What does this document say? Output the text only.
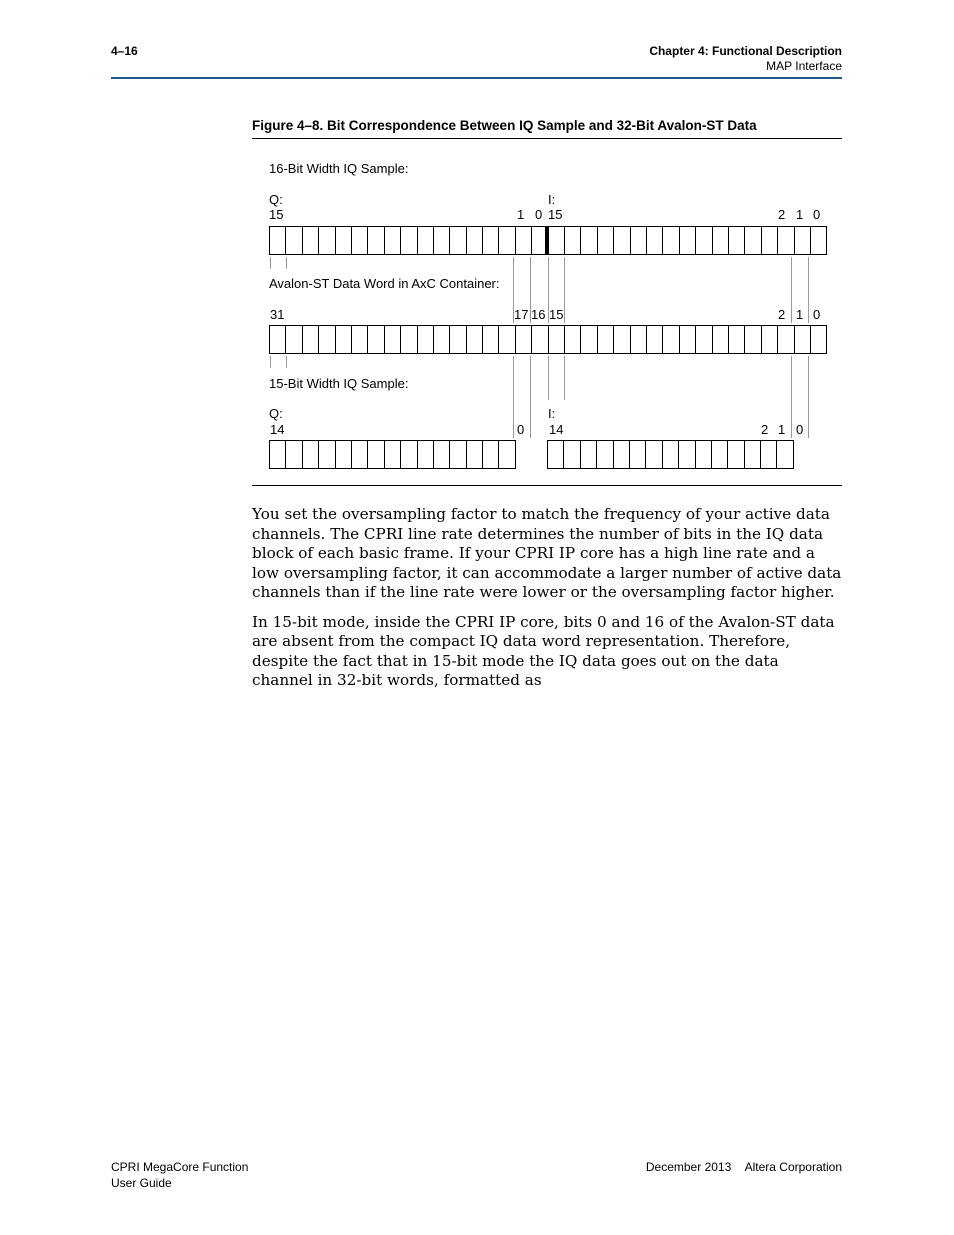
4–16	Chapter 4: Functional Description
MAP Interface
Figure 4–8. Bit Correspondence Between IQ Sample and 32-Bit Avalon-ST Data
16-Bit Width IQ Sample:
Q:
15	1 0
I:
15	2 1 0
Avalon-ST Data Word in AxC Container:
31	17 16 15	2 1 0
15-Bit Width IQ Sample:
Q:
14	0
I:
14	2 1 0

You set the oversampling factor to match the frequency of your active data channels. The CPRI line rate determines the number of bits in the IQ data block of each basic frame. If your CPRI IP core has a high line rate and a low oversampling factor, it can accommodate a larger number of active data channels than if the line rate were lower or the oversampling factor higher.

In 15-bit mode, inside the CPRI IP core, bits 0 and 16 of the Avalon-ST data are absent from the compact IQ data word representation. Therefore, despite the fact that in 15-bit mode the IQ data goes out on the data channel in 32-bit words, formatted as

CPRI MegaCore Function
User Guide
December 2013 Altera Corporation
